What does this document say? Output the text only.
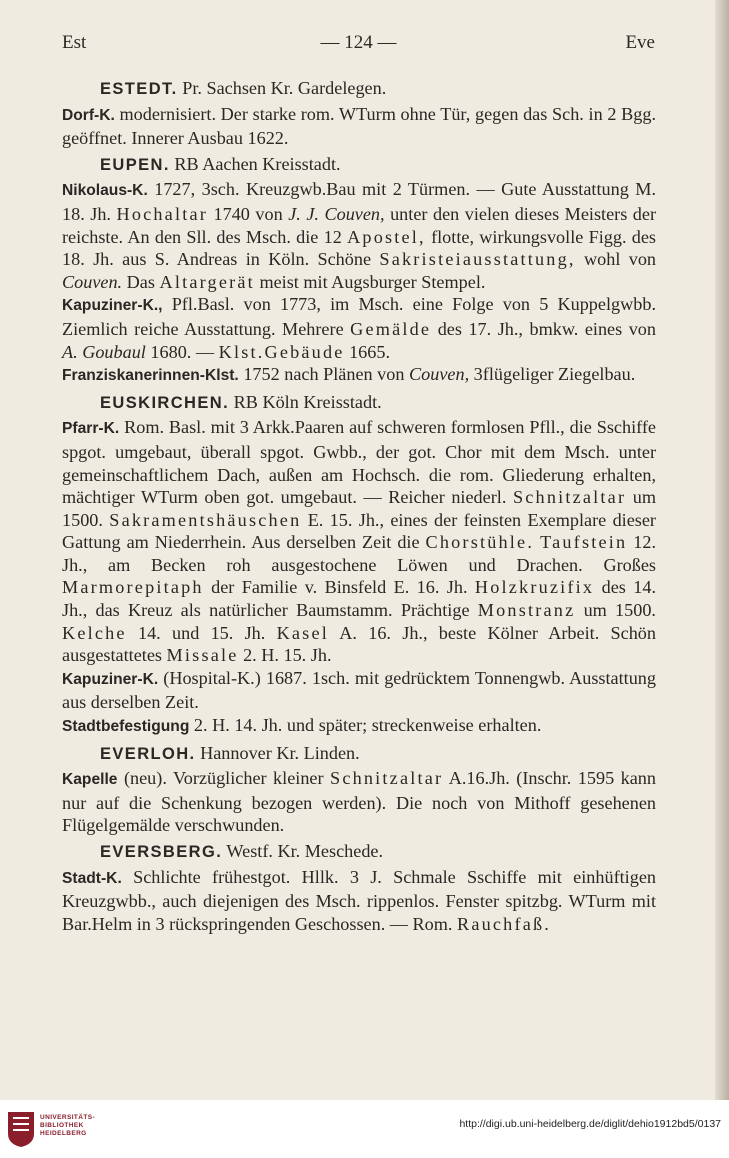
Est	— 124 —	Eve

ESTEDT. Pr. Sachsen Kr. Gardelegen.

Dorf-K. modernisiert. Der starke rom. WTurm ohne Tür, gegen das Sch. in 2 Bgg. geöffnet. Innerer Ausbau 1622.

EUPEN. RB Aachen Kreisstadt.

Nikolaus-K. 1727, 3sch. Kreuzgwb.Bau mit 2 Türmen. — Gute Ausstattung M. 18. Jh. Hochaltar 1740 von J. J. Couven, unter den vielen dieses Meisters der reichste. An den Sll. des Msch. die 12 Apostel, flotte, wirkungsvolle Figg. des 18. Jh. aus S. Andreas in Köln. Schöne Sakristeiausstattung, wohl von Couven. Das Altargerät meist mit Augsburger Stempel.

Kapuziner-K., Pfl.Basl. von 1773, im Msch. eine Folge von 5 Kuppelgwbb. Ziemlich reiche Ausstattung. Mehrere Gemälde des 17. Jh., bmkw. eines von A. Goubaul 1680. — Klst.Gebäude 1665.

Franziskanerinnen-Klst. 1752 nach Plänen von Couven, 3flügeliger Ziegelbau.

EUSKIRCHEN. RB Köln Kreisstadt.

Pfarr-K. Rom. Basl. mit 3 Arkk.Paaren auf schweren formlosen Pfll., die Sschiffe spgot. umgebaut, überall spgot. Gwbb., der got. Chor mit dem Msch. unter gemeinschaftlichem Dach, außen am Hochsch. die rom. Gliederung erhalten, mächtiger WTurm oben got. umgebaut. — Reicher niederl. Schnitzaltar um 1500. Sakramentshäuschen E. 15. Jh., eines der feinsten Exemplare dieser Gattung am Niederrhein. Aus derselben Zeit die Chorstühle. Taufstein 12. Jh., am Becken roh ausgestochene Löwen und Drachen. Großes Marmorepitaph der Familie v. Binsfeld E. 16. Jh. Holzkruzifix des 14. Jh., das Kreuz als natürlicher Baumstamm. Prächtige Monstranz um 1500. Kelche 14. und 15. Jh. Kasel A. 16. Jh., beste Kölner Arbeit. Schön ausgestattetes Missale 2. H. 15. Jh.

Kapuziner-K. (Hospital-K.) 1687. 1sch. mit gedrücktem Tonnengwb. Ausstattung aus derselben Zeit.

Stadtbefestigung 2. H. 14. Jh. und später; streckenweise erhalten.

EVERLOH. Hannover Kr. Linden.

Kapelle (neu). Vorzüglicher kleiner Schnitzaltar A.16.Jh. (Inschr. 1595 kann nur auf die Schenkung bezogen werden). Die noch von Mithoff gesehenen Flügelgemälde verschwunden.

EVERSBERG. Westf. Kr. Meschede.

Stadt-K. Schlichte frühestgot. Hllk. 3 J. Schmale Sschiffe mit einhüftigen Kreuzgwbb., auch diejenigen des Msch. rippenlos. Fenster spitzbg. WTurm mit Bar.Helm in 3 rückspringenden Geschossen. — Rom. Rauchfaß.

UNIVERSITÄTS-
BIBLIOTHEK
HEIDELBERG
http://digi.ub.uni-heidelberg.de/diglit/dehio1912bd5/0137
